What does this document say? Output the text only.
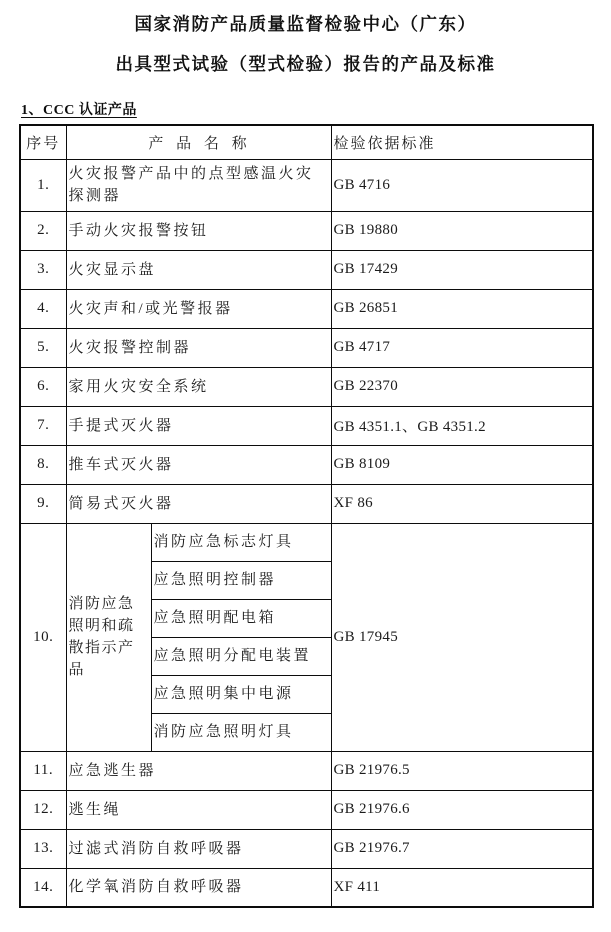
国家消防产品质量监督检验中心（广东）
出具型式试验（型式检验）报告的产品及标准
1、CCC 认证产品
序号	产 品 名 称		检验依据标准
1.	火灾报警产品中的点型感温火灾探测器		GB 4716
2.	手动火灾报警按钮		GB 19880
3.	火灾显示盘		GB 17429
4.	火灾声和/或光警报器		GB 26851
5.	火灾报警控制器		GB 4717
6.	家用火灾安全系统		GB 22370
7.	手提式灭火器		GB 4351.1、GB 4351.2
8.	推车式灭火器		GB 8109
9.	简易式灭火器		XF 86
10.	消防应急照明和疏散指示产品	消防应急标志灯具	GB 17945
		应急照明控制器	
		应急照明配电箱	
		应急照明分配电装置	
		应急照明集中电源	
		消防应急照明灯具	
11.	应急逃生器		GB 21976.5
12.	逃生绳		GB 21976.6
13.	过滤式消防自救呼吸器		GB 21976.7
14.	化学氧消防自救呼吸器		XF 411
